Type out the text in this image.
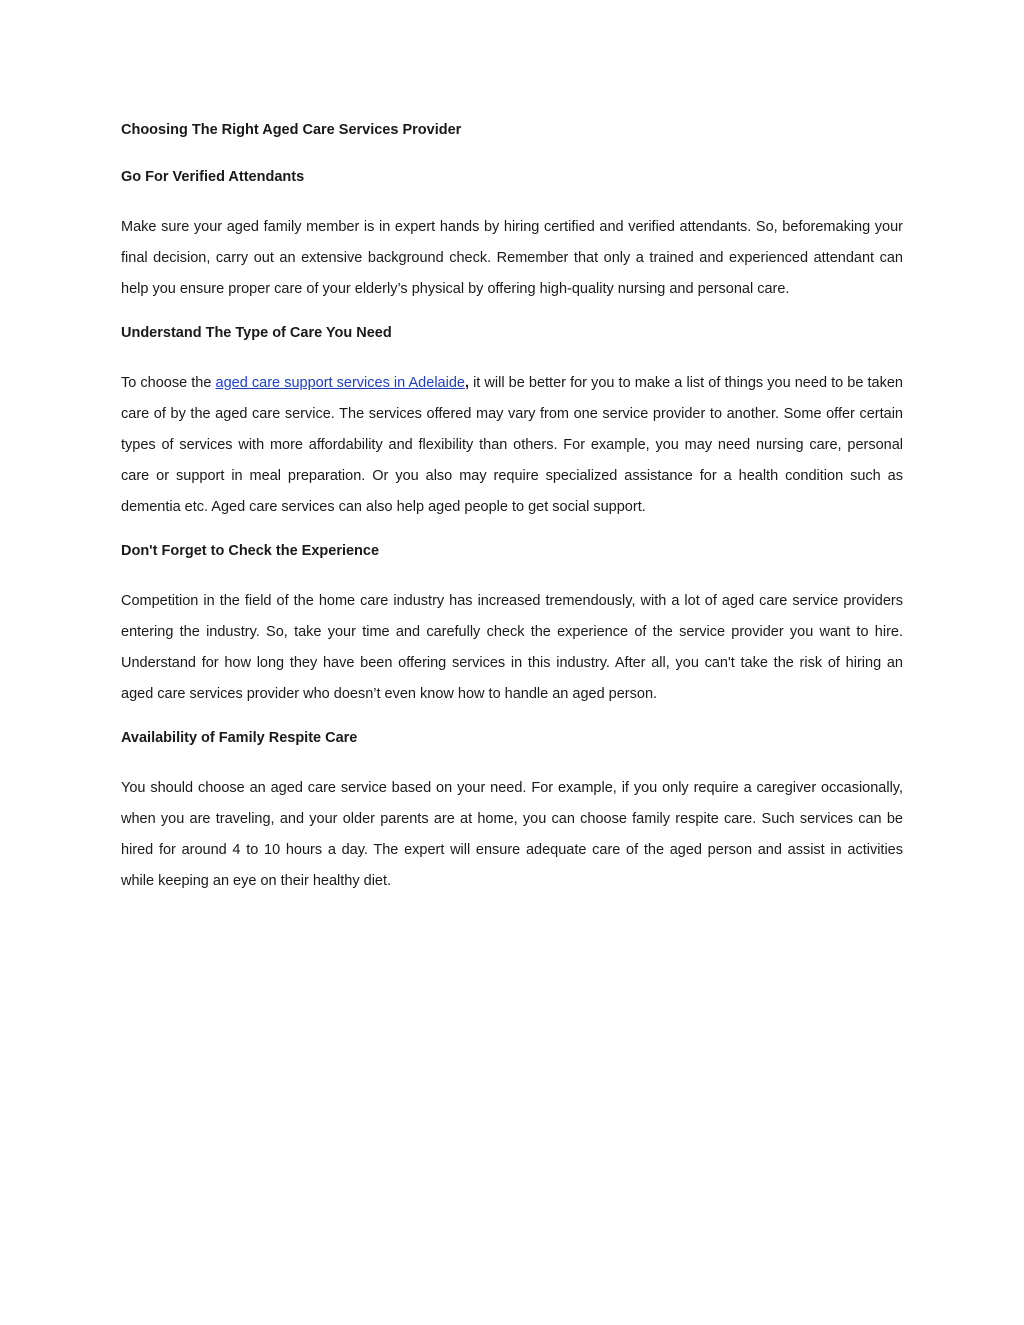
Choosing The Right Aged Care Services Provider
Go For Verified Attendants

Make sure your aged family member is in expert hands by hiring certified and verified attendants. So, beforemaking your final decision, carry out an extensive background check. Remember that only a trained and experienced attendant can help you ensure proper care of your elderly’s physical by offering high-quality nursing and personal care.

Understand The Type of Care You Need

To choose the aged care support services in Adelaide, it will be better for you to make a list of things you need to be taken care of by the aged care service. The services offered may vary from one service provider to another. Some offer certain types of services with more affordability and flexibility than others. For example, you may need nursing care, personal care or support in meal preparation. Or you also may require specialized assistance for a health condition such as dementia etc. Aged care services can also help aged people to get social support.

Don't Forget to Check the Experience

Competition in the field of the home care industry has increased tremendously, with a lot of aged care service providers entering the industry. So, take your time and carefully check the experience of the service provider you want to hire. Understand for how long they have been offering services in this industry. After all, you can't take the risk of hiring an aged care services provider who doesn’t even know how to handle an aged person.

Availability of Family Respite Care

You should choose an aged care service based on your need. For example, if you only require a caregiver occasionally, when you are traveling, and your older parents are at home, you can choose family respite care. Such services can be hired for around 4 to 10 hours a day. The expert will ensure adequate care of the aged person and assist in activities while keeping an eye on their healthy diet.
